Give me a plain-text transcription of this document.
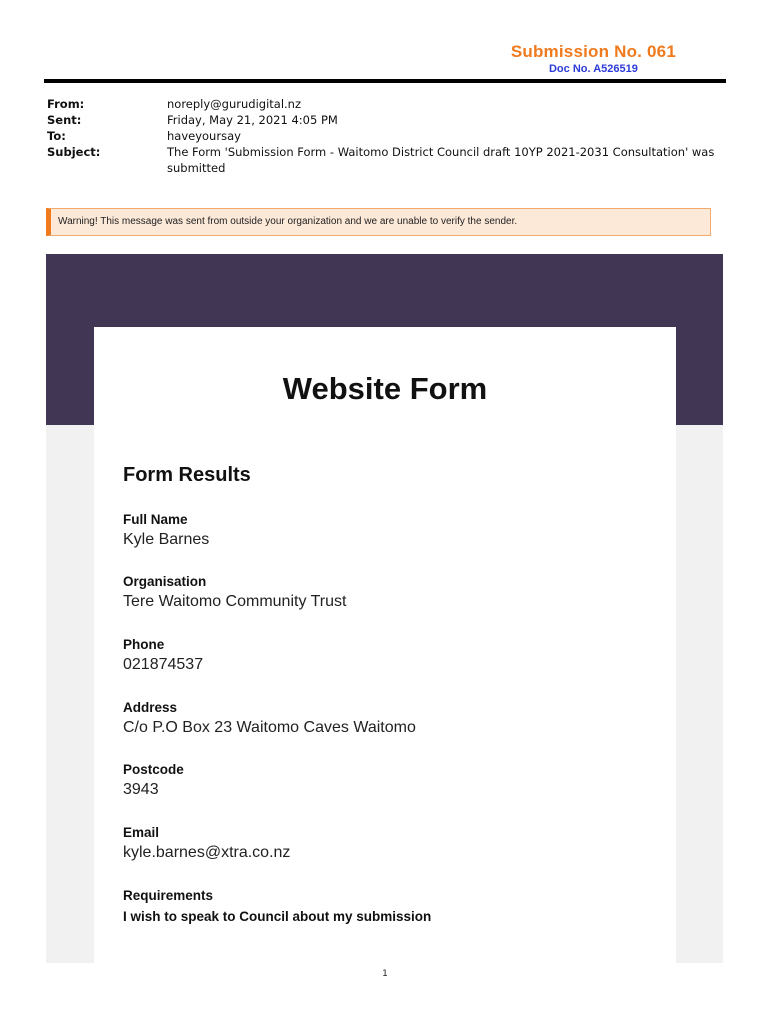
Submission No. 061
Doc No. A526519
From:	noreply@gurudigital.nz
Sent:	Friday, May 21, 2021 4:05 PM
To:	haveyoursay
Subject:	The Form 'Submission Form - Waitomo District Council draft 10YP 2021-2031 Consultation' was submitted
Warning! This message was sent from outside your organization and we are unable to verify the sender.
Website Form
Form Results
Full Name
Kyle Barnes
Organisation
Tere Waitomo Community Trust
Phone
021874537
Address
C/o P.O Box 23 Waitomo Caves Waitomo
Postcode
3943
Email
kyle.barnes@xtra.co.nz
Requirements
I wish to speak to Council about my submission
1
